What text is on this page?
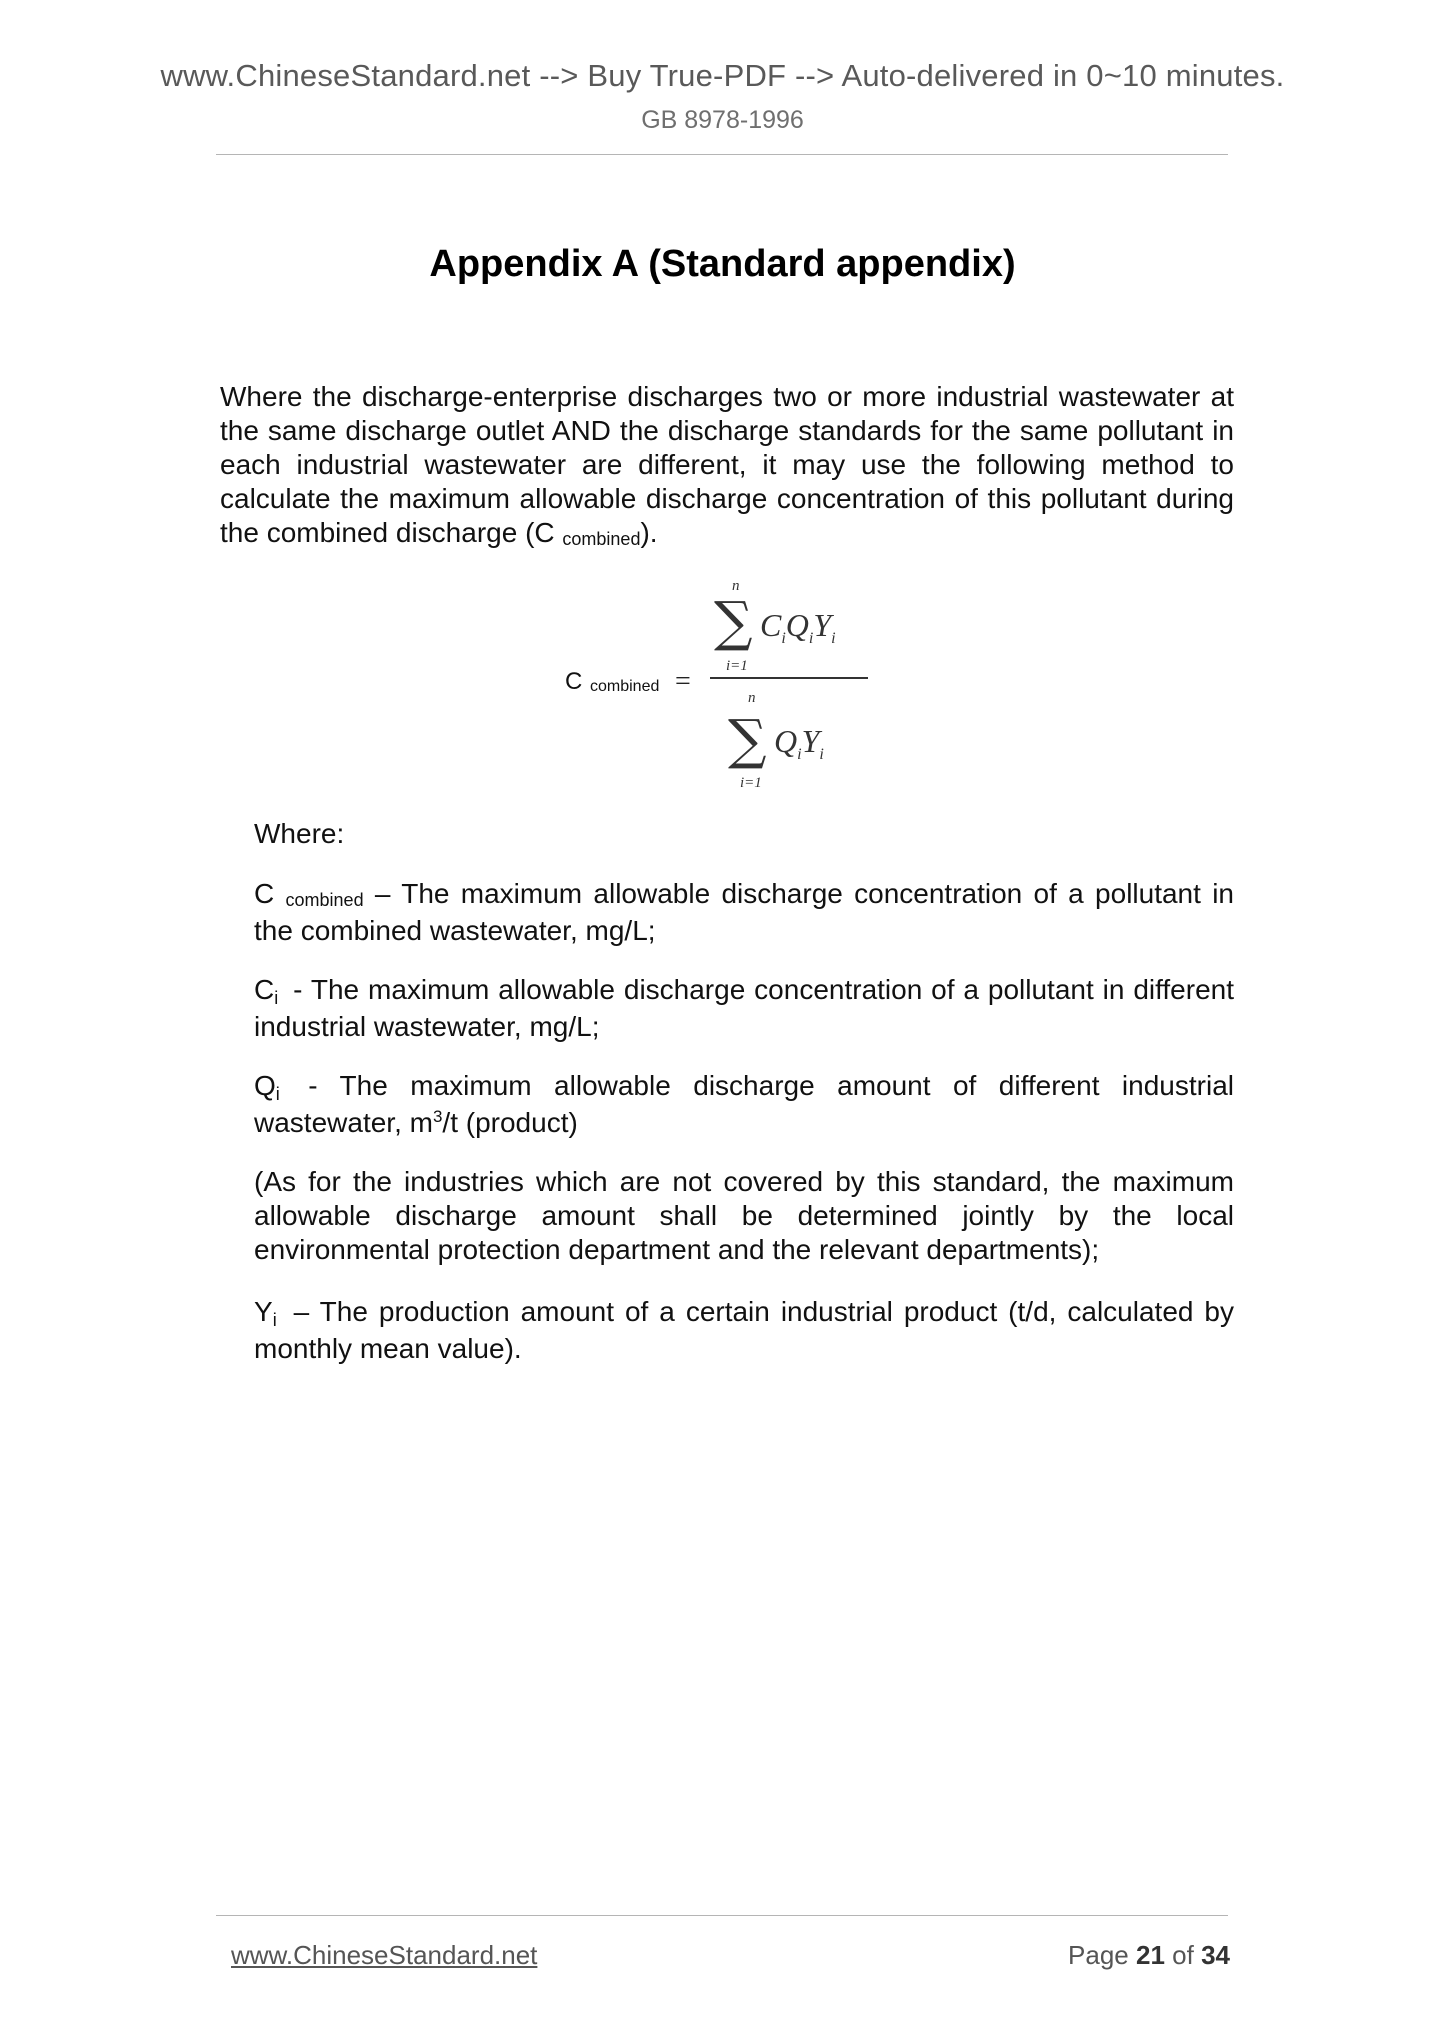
www.ChineseStandard.net --> Buy True-PDF --> Auto-delivered in 0~10 minutes.
GB 8978-1996
Appendix A (Standard appendix)
Where the discharge-enterprise discharges two or more industrial wastewater at the same discharge outlet AND the discharge standards for the same pollutant in each industrial wastewater are different, it may use the following method to calculate the maximum allowable discharge concentration of this pollutant during the combined discharge (C combined).
C combined =
n
∑
i=1
$C_iQ_iY_i$
n
∑
i=1
$Q_iY_i$
Where:
C combined – The maximum allowable discharge concentration of a pollutant in the combined wastewater, mg/L;
Ci - The maximum allowable discharge concentration of a pollutant in different industrial wastewater, mg/L;
Qi - The maximum allowable discharge amount of different industrial wastewater, $m^3/t$ (product)
(As for the industries which are not covered by this standard, the maximum allowable discharge amount shall be determined jointly by the local environmental protection department and the relevant departments);
Yi – The production amount of a certain industrial product (t/d, calculated by monthly mean value).
www.ChineseStandard.net	Page 21 of 34
